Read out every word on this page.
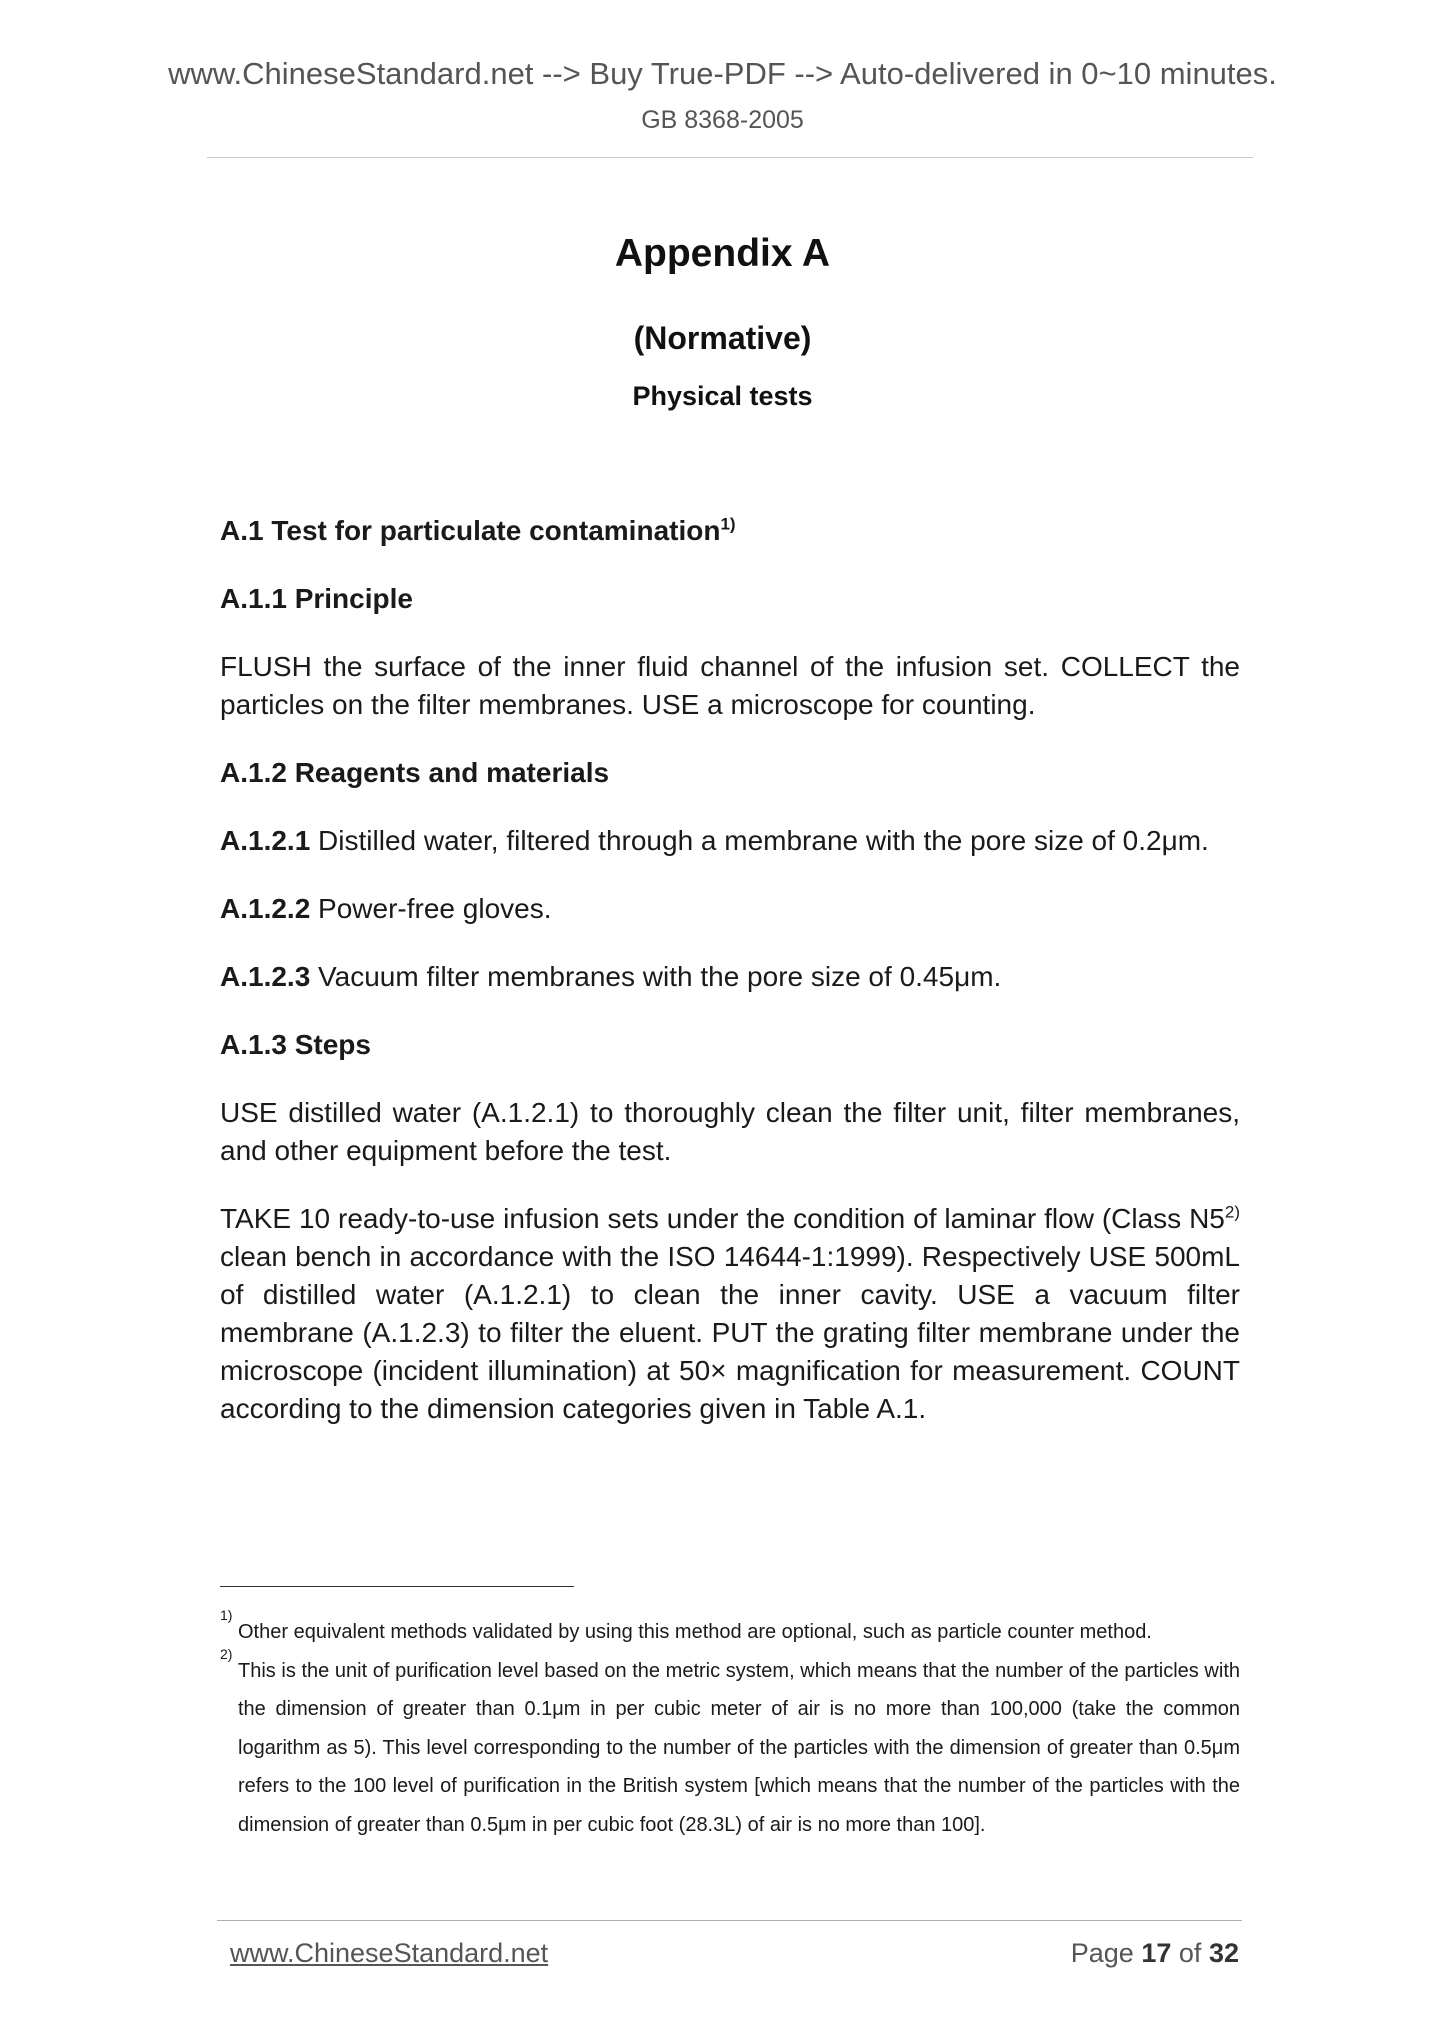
www.ChineseStandard.net --> Buy True-PDF --> Auto-delivered in 0~10 minutes.
GB 8368-2005
Appendix A
(Normative)
Physical tests

A.1 Test for particulate contamination$^{1)}$

A.1.1 Principle

FLUSH the surface of the inner fluid channel of the infusion set. COLLECT the particles on the filter membranes. USE a microscope for counting.

A.1.2 Reagents and materials

A.1.2.1 Distilled water, filtered through a membrane with the pore size of 0.2μm.

A.1.2.2 Power-free gloves.

A.1.2.3 Vacuum filter membranes with the pore size of 0.45μm.

A.1.3 Steps

USE distilled water (A.1.2.1) to thoroughly clean the filter unit, filter membranes, and other equipment before the test.

TAKE 10 ready-to-use infusion sets under the condition of laminar flow (Class N5$^{2)}$ clean bench in accordance with the ISO 14644-1:1999). Respectively USE 500mL of distilled water (A.1.2.1) to clean the inner cavity. USE a vacuum filter membrane (A.1.2.3) to filter the eluent. PUT the grating filter membrane under the microscope (incident illumination) at 50× magnification for measurement. COUNT according to the dimension categories given in Table A.1.

1)
Other equivalent methods validated by using this method are optional, such as particle counter method.
2)
This is the unit of purification level based on the metric system, which means that the number of the particles with the dimension of greater than 0.1μm in per cubic meter of air is no more than 100,000 (take the common logarithm as 5). This level corresponding to the number of the particles with the dimension of greater than 0.5μm refers to the 100 level of purification in the British system [which means that the number of the particles with the dimension of greater than 0.5μm in per cubic foot (28.3L) of air is no more than 100].
www.ChineseStandard.net	Page 17 of 32
